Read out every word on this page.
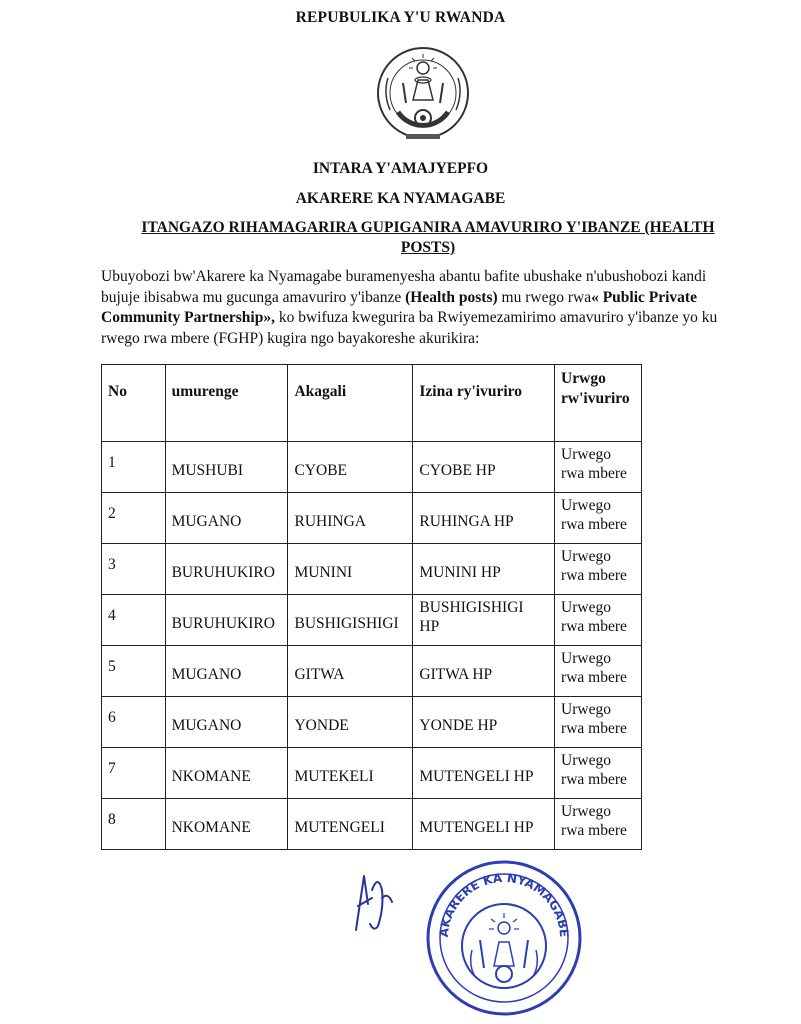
REPUBULIKA Y'U RWANDA
INTARA Y'AMAJYEPFO
AKARERE KA NYAMAGABE
ITANGAZO RIHAMAGARIRA GUPIGANIRA AMAVURIRO Y'IBANZE (HEALTH POSTS)
Ubuyobozi bw'Akarere ka Nyamagabe buramenyesha abantu bafite ubushake n'ubushobozi kandi bujuje ibisabwa mu gucunga amavuriro y'ibanze (Health posts) mu rwego rwa« Public Private Community Partnership», ko bwifuza kwegurira ba Rwiyemezamirimo amavuriro y'ibanze yo ku rwego rwa mbere (FGHP) kugira ngo bayakoreshe akurikira:
No	umurenge	Akagali	Izina ry'ivuriro	Urwgo
rw'ivuriro

1	MUSHUBI	CYOBE	CYOBE HP	Urwego
rwa mbere

2	MUGANO	RUHINGA	RUHINGA HP	Urwego
rwa mbere

3	BURUHUKIRO	MUNINI	MUNINI HP	Urwego
rwa mbere

4	BURUHUKIRO	BUSHIGISHIGI	BUSHIGISHIGI
HP	Urwego
rwa mbere

5	MUGANO	GITWA	GITWA HP	Urwego
rwa mbere

6	MUGANO	YONDE	YONDE HP	Urwego
rwa mbere

7	NKOMANE	MUTEKELI	MUTENGELI HP	Urwego
rwa mbere

8	NKOMANE	MUTENGELI	MUTENGELI HP	Urwego
rwa mbere
AKARERE KA NYAMAGABE
